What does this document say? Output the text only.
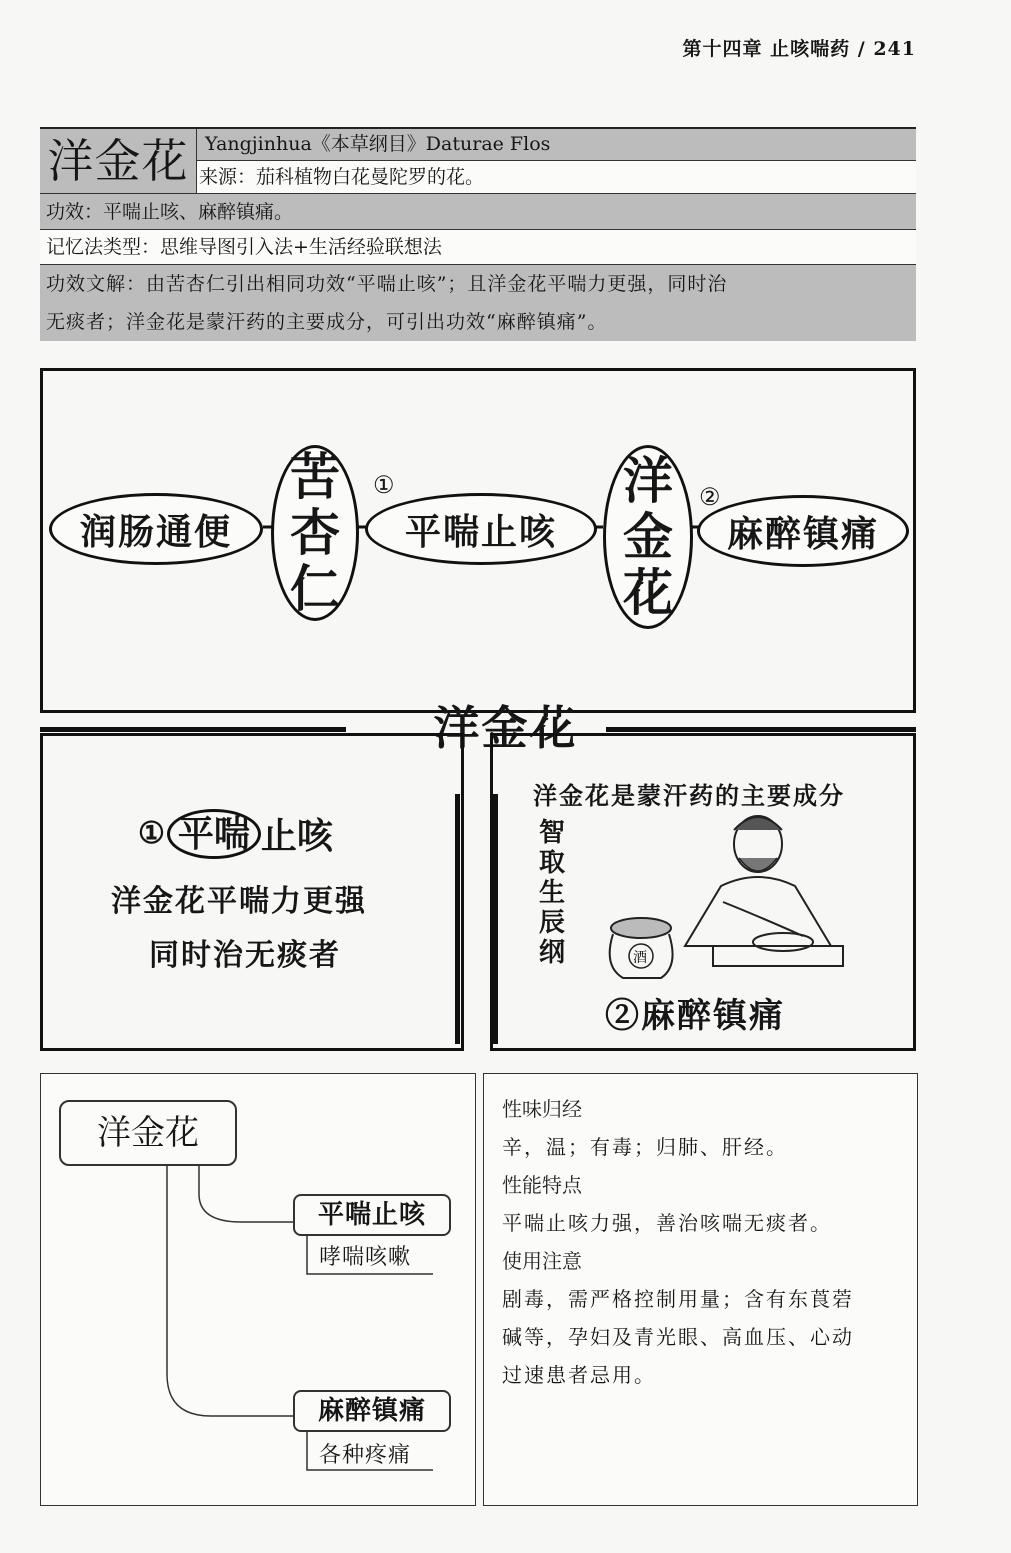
第十四章 止咳喘药 / 241
洋金花 Yangjinhua《本草纲目》Daturae Flos
来源：茄科植物白花曼陀罗的花。
功效：平喘止咳、麻醉镇痛。
记忆法类型：思维导图引入法+生活经验联想法
功效文解：由苦杏仁引出相同功效“平喘止咳”；且洋金花平喘力更强，同时治
无痰者；洋金花是蒙汗药的主要成分，可引出功效“麻醉镇痛”。
润肠通便
苦
杏
仁
①
平喘止咳
洋
金
花
②
麻醉镇痛
洋金花
① 平喘 止咳
洋金花平喘力更强
同时治无痰者
洋金花是蒙汗药的主要成分
智
取
生
辰
纲	酒
②麻醉镇痛
洋金花
平喘止咳
哮喘咳嗽
麻醉镇痛
各种疼痛
性味归经
辛，温；有毒；归肺、肝经。
性能特点
平喘止咳力强，善治咳喘无痰者。
使用注意
剧毒，需严格控制用量；含有东莨菪
碱等，孕妇及青光眼、高血压、心动
过速患者忌用。
